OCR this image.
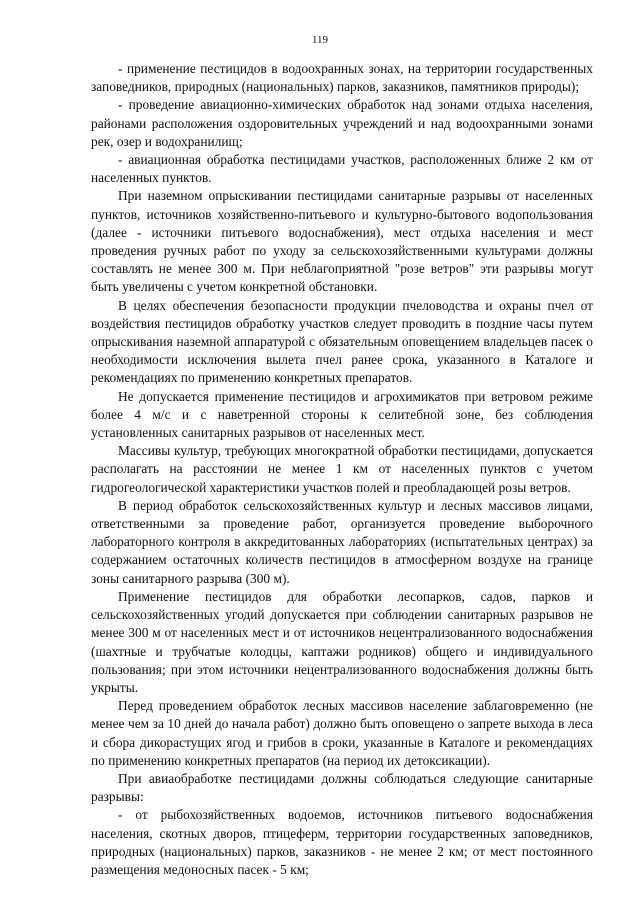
119

- применение пестицидов в водоохранных зонах, на территории государственных заповедников, природных (национальных) парков, заказников, памятников природы);

- проведение авиационно-химических обработок над зонами отдыха населения, районами расположения оздоровительных учреждений и над водоохранными зонами рек, озер и водохранилищ;

- авиационная обработка пестицидами участков, расположенных ближе 2 км от населенных пунктов.

При наземном опрыскивании пестицидами санитарные разрывы от населенных пунктов, источников хозяйственно-питьевого и культурно-бытового водопользования (далее - источники питьевого водоснабжения), мест отдыха населения и мест проведения ручных работ по уходу за сельскохозяйственными культурами должны составлять не менее 300 м. При неблагоприятной "розе ветров" эти разрывы могут быть увеличены с учетом конкретной обстановки.

В целях обеспечения безопасности продукции пчеловодства и охраны пчел от воздействия пестицидов обработку участков следует проводить в поздние часы путем опрыскивания наземной аппаратурой с обязательным оповещением владельцев пасек о необходимости исключения вылета пчел ранее срока, указанного в Каталоге и рекомендациях по применению конкретных препаратов.

Не допускается применение пестицидов и агрохимикатов при ветровом режиме более 4 м/с и с наветренной стороны к селитебной зоне, без соблюдения установленных санитарных разрывов от населенных мест.

Массивы культур, требующих многократной обработки пестицидами, допускается располагать на расстоянии не менее 1 км от населенных пунктов с учетом гидрогеологической характеристики участков полей и преобладающей розы ветров.

В период обработок сельскохозяйственных культур и лесных массивов лицами, ответственными за проведение работ, организуется проведение выборочного лабораторного контроля в аккредитованных лабораториях (испытательных центрах) за содержанием остаточных количеств пестицидов в атмосферном воздухе на границе зоны санитарного разрыва (300 м).

Применение пестицидов для обработки лесопарков, садов, парков и сельскохозяйственных угодий допускается при соблюдении санитарных разрывов не менее 300 м от населенных мест и от источников нецентрализованного водоснабжения (шахтные и трубчатые колодцы, каптажи родников) общего и индивидуального пользования; при этом источники нецентрализованного водоснабжения должны быть укрыты.

Перед проведением обработок лесных массивов население заблаговременно (не менее чем за 10 дней до начала работ) должно быть оповещено о запрете выхода в леса и сбора дикорастущих ягод и грибов в сроки, указанные в Каталоге и рекомендациях по применению конкретных препаратов (на период их детоксикации).

При авиаобработке пестицидами должны соблюдаться следующие санитарные разрывы:

- от рыбохозяйственных водоемов, источников питьевого водоснабжения населения, скотных дворов, птицеферм, территории государственных заповедников, природных (национальных) парков, заказников - не менее 2 км; от мест постоянного размещения медоносных пасек - 5 км;
